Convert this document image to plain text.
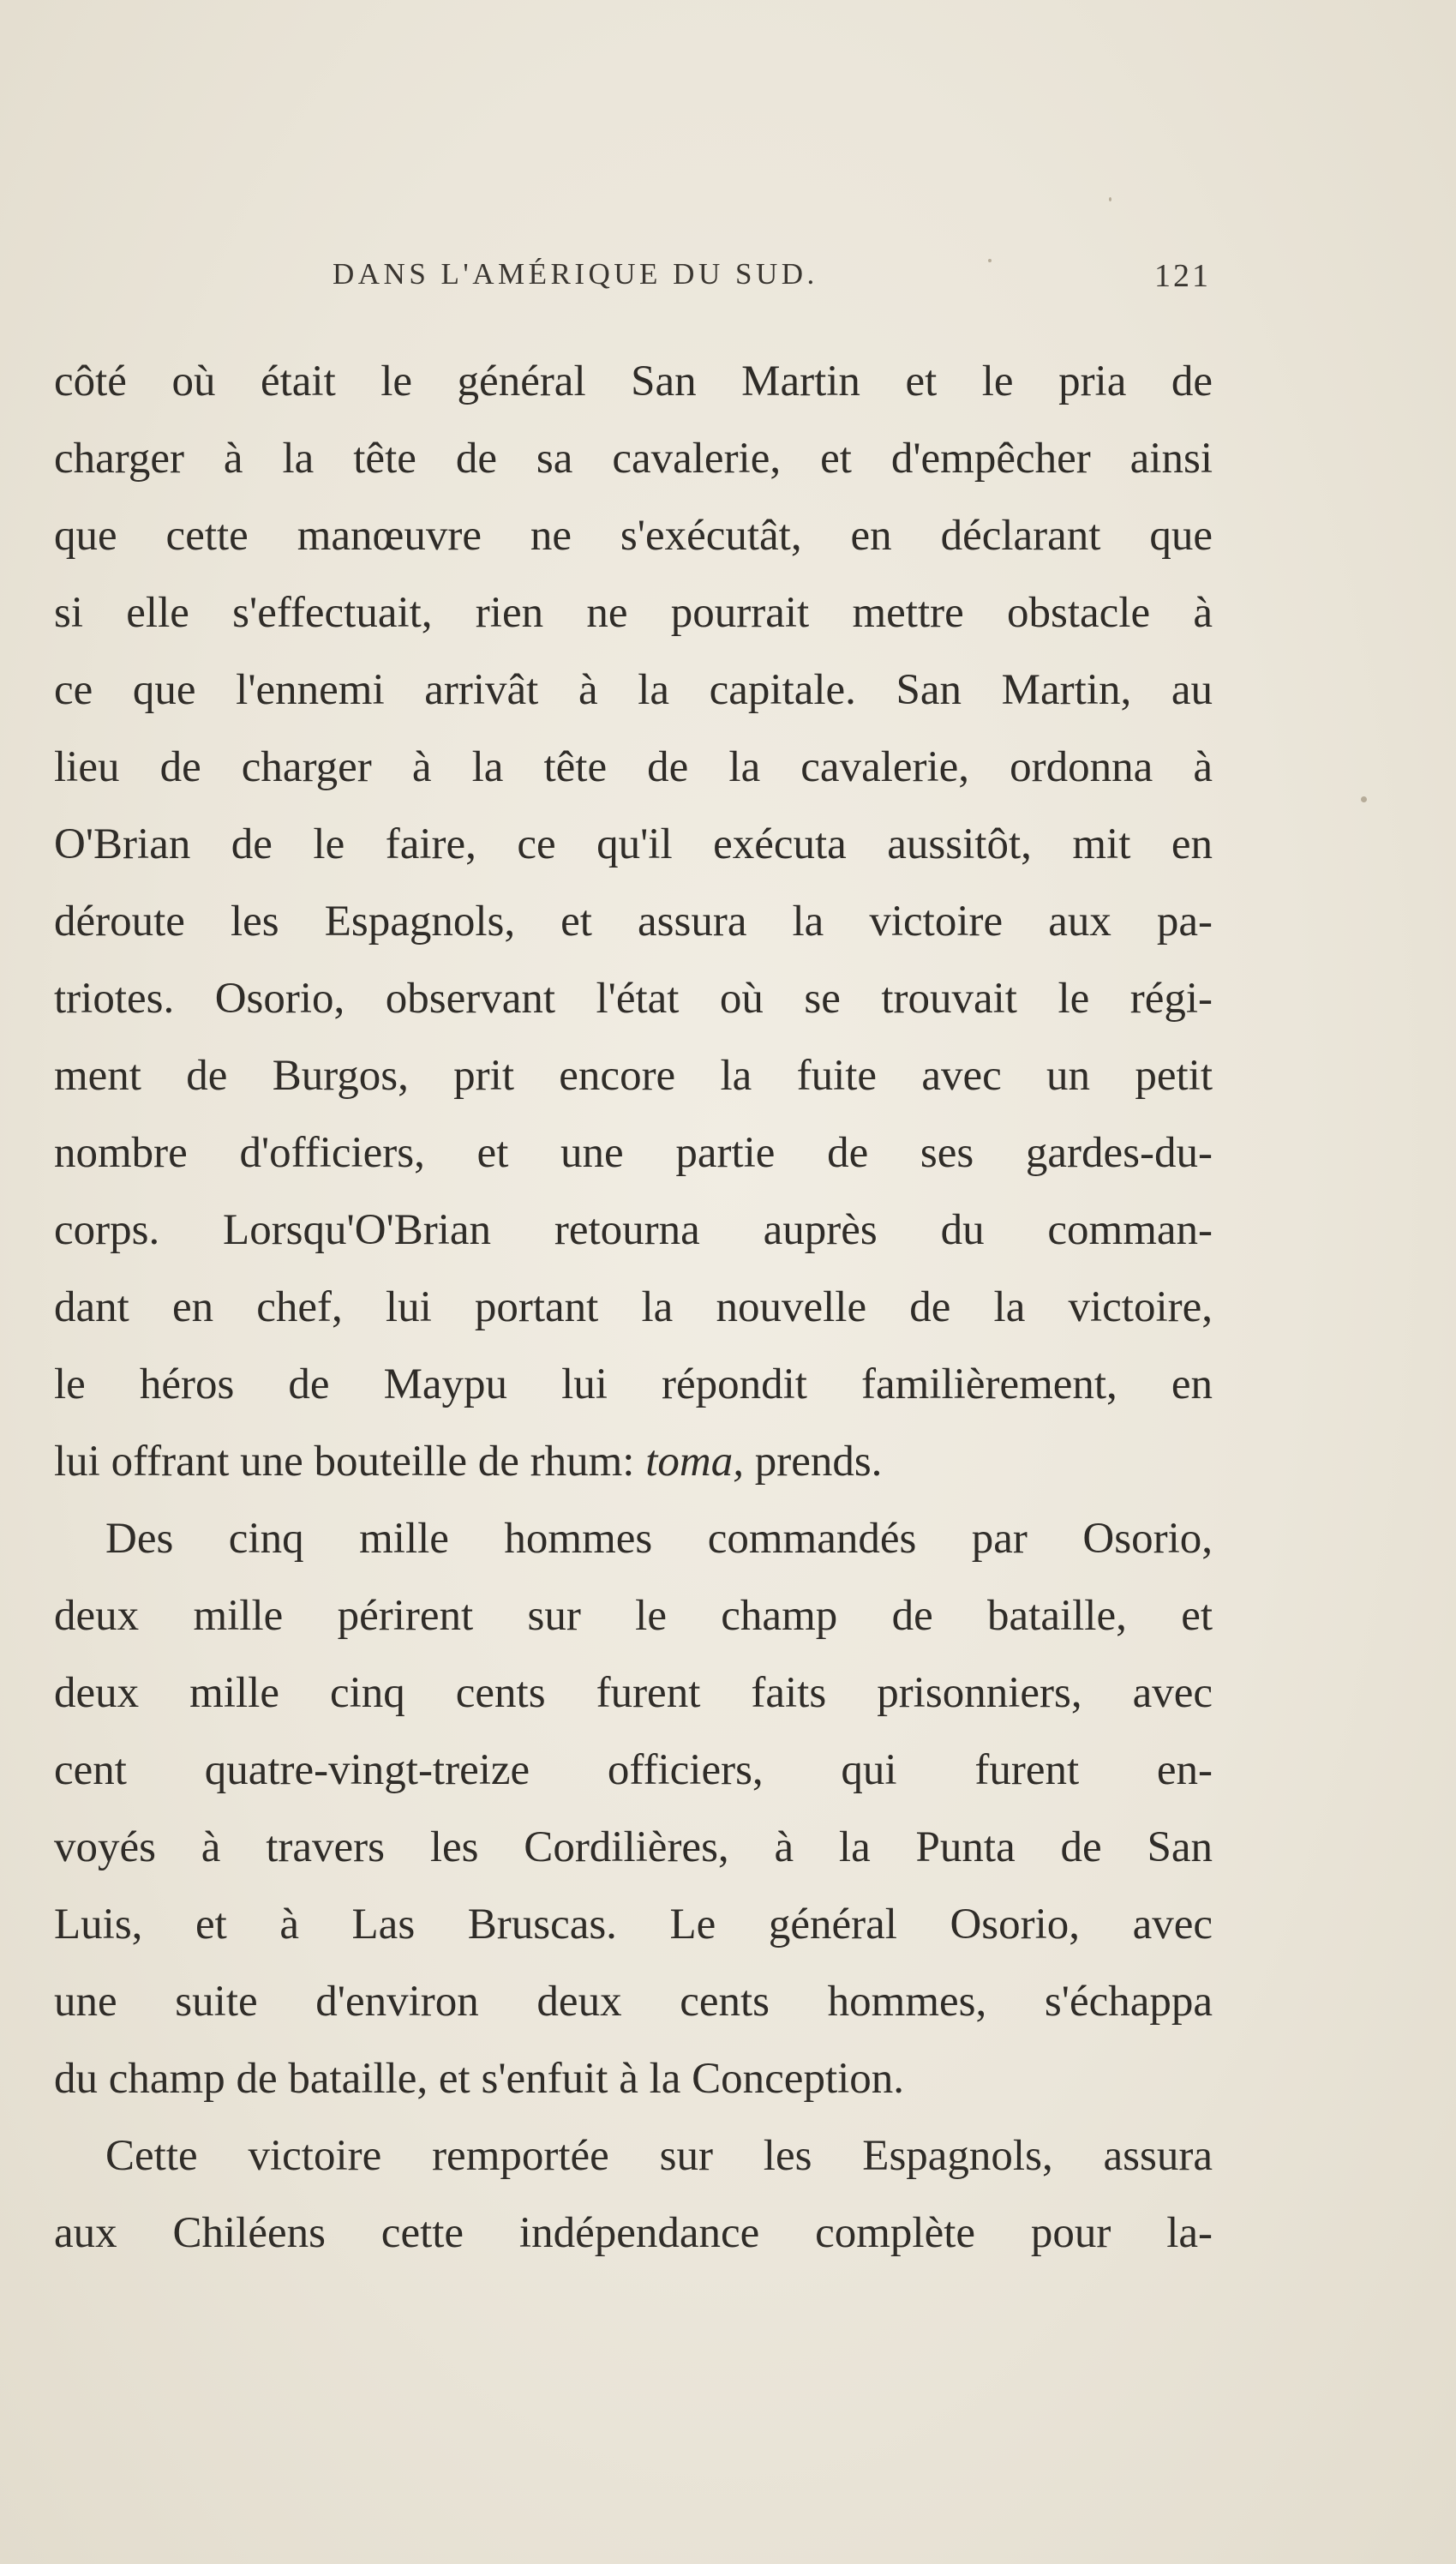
DANS L'AMÉRIQUE DU SUD.	121
côté où était le général San Martin et le pria de
charger à la tête de sa cavalerie, et d'empêcher ainsi
que cette manœuvre ne s'exécutât, en déclarant que
si elle s'effectuait, rien ne pourrait mettre obstacle à
ce que l'ennemi arrivât à la capitale. San Martin, au
lieu de charger à la tête de la cavalerie, ordonna à
O'Brian de le faire, ce qu'il exécuta aussitôt, mit en
déroute les Espagnols, et assura la victoire aux pa-
triotes. Osorio, observant l'état où se trouvait le régi-
ment de Burgos, prit encore la fuite avec un petit
nombre d'officiers, et une partie de ses gardes-du-
corps. Lorsqu'O'Brian retourna auprès du comman-
dant en chef, lui portant la nouvelle de la victoire,
le héros de Maypu lui répondit familièrement, en
lui offrant une bouteille de rhum: toma, prends.
Des cinq mille hommes commandés par Osorio,
deux mille périrent sur le champ de bataille, et
deux mille cinq cents furent faits prisonniers, avec
cent quatre-vingt-treize officiers, qui furent en-
voyés à travers les Cordilières, à la Punta de San
Luis, et à Las Bruscas. Le général Osorio, avec
une suite d'environ deux cents hommes, s'échappa
du champ de bataille, et s'enfuit à la Conception.
Cette victoire remportée sur les Espagnols, assura
aux Chiléens cette indépendance complète pour la-
